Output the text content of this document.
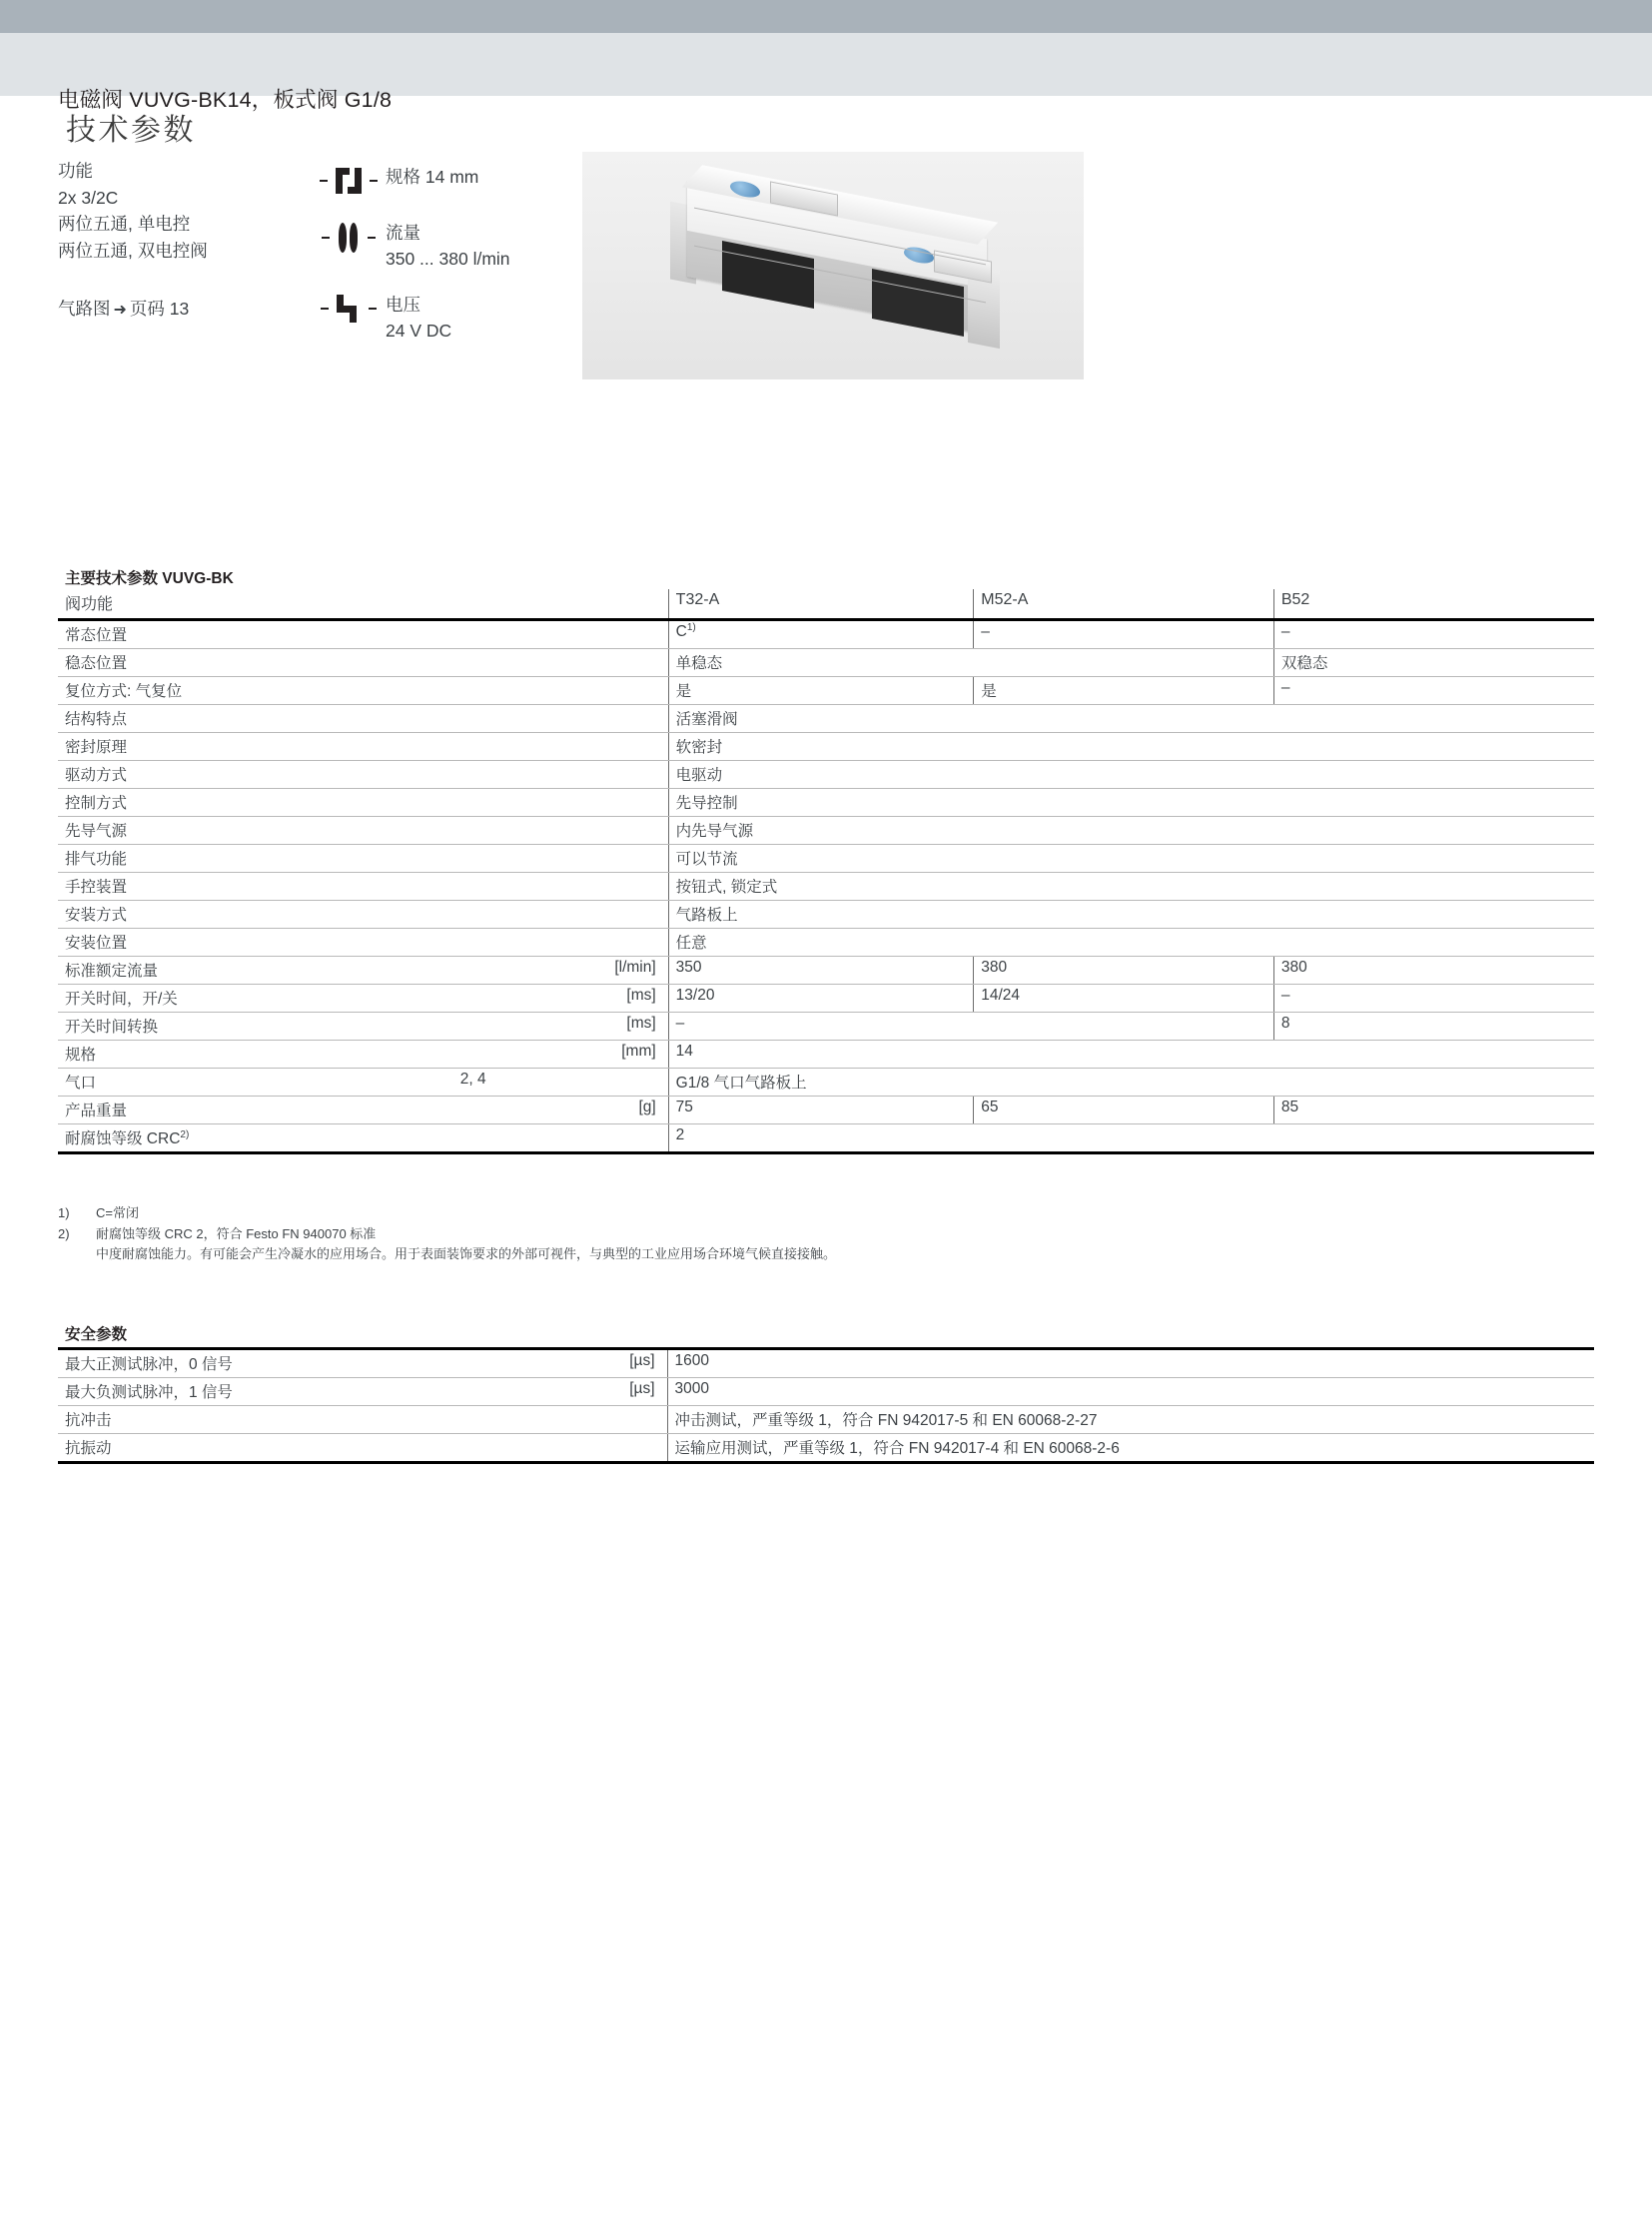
电磁阀 VUVG-BK14，板式阀 G1/8
技术参数
功能
2x 3/2C
两位五通, 单电控
两位五通, 双电控阀
气路图 ➜ 页码 13
规格 14 mm
流量
350 ... 380 l/min
电压
24 V DC
主要技术参数 VUVG-BK					
阀功能			T32-A	M52-A	B52
常态位置			$C^{1)}$	–	–
稳态位置			单稳态		双稳态
复位方式: 气复位			是	是	–
结构特点			活塞滑阀		
密封原理			软密封		
驱动方式			电驱动		
控制方式			先导控制		
先导气源			内先导气源		
排气功能			可以节流		
手控装置			按钮式, 锁定式		
安装方式			气路板上		
安装位置			任意		
标准额定流量		[l/min]	350	380	380
开关时间，开/关		[ms]	13/20	14/24	–
开关时间转换		[ms]	–		8
规格		[mm]	14		
气口	2, 4		G1/8 气口气路板上		
产品重量		[g]	75	65	85
耐腐蚀等级 CRC$^{2)}$			2		
1)	C=常闭
2)	耐腐蚀等级 CRC 2，符合 Festo FN 940070 标准
中度耐腐蚀能力。有可能会产生冷凝水的应用场合。用于表面装饰要求的外部可视件，与典型的工业应用场合环境气候直接接触。
安全参数		

最大正测试脉冲，0 信号	[µs]	1600
最大负测试脉冲，1 信号	[µs]	3000
抗冲击		冲击测试，严重等级 1，符合 FN 942017-5 和 EN 60068-2-27
抗振动		运输应用测试，严重等级 1，符合 FN 942017-4 和 EN 60068-2-6
